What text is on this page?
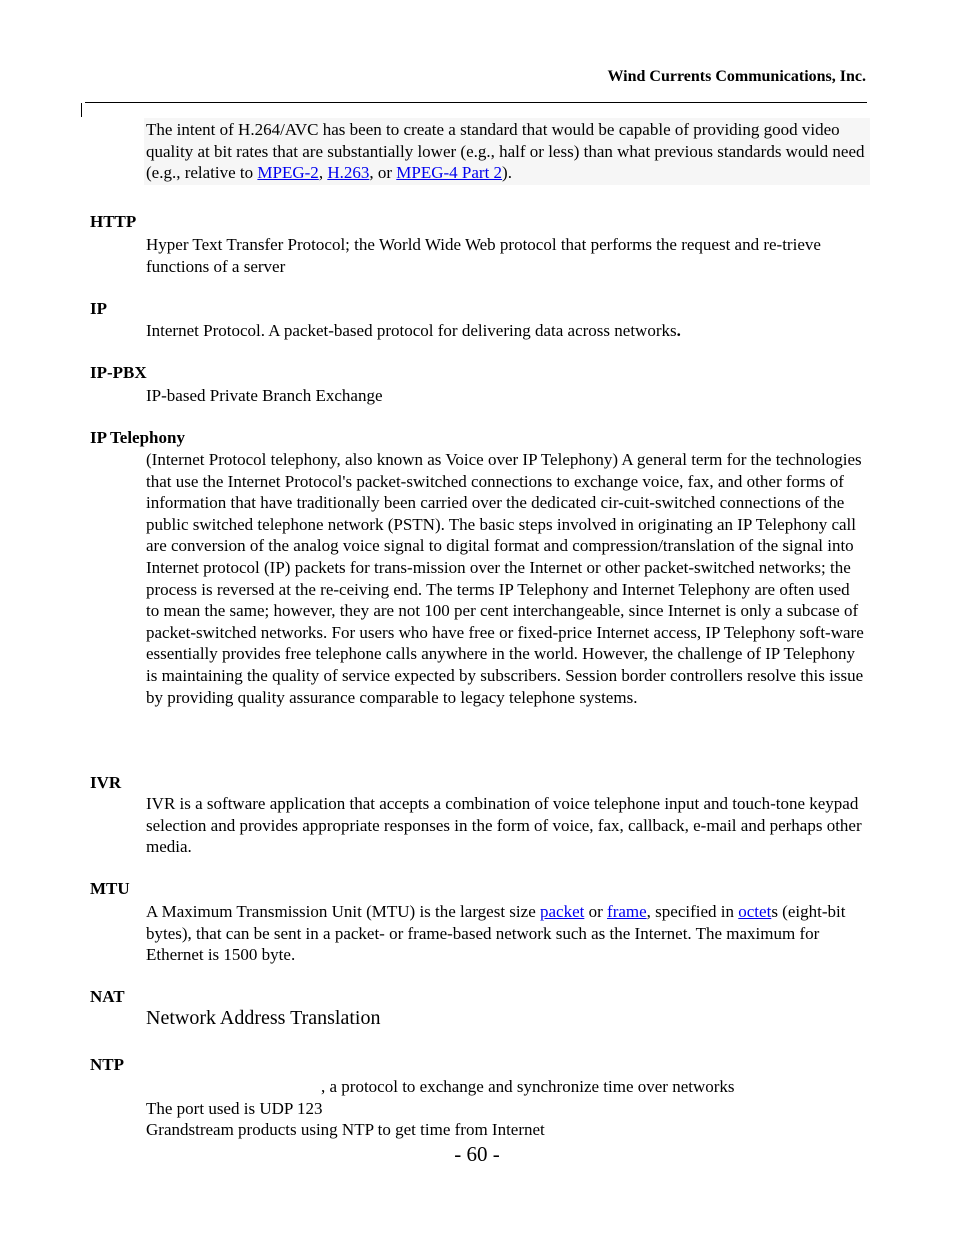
Wind Currents Communications, Inc.
The intent of H.264/AVC has been to create a standard that would be capable of providing good video quality at bit rates that are substantially lower (e.g., half or less) than what previous standards would need (e.g., relative to MPEG-2, H.263, or MPEG-4 Part 2).
HTTP
Hyper Text Transfer Protocol; the World Wide Web protocol that performs the request and re-trieve functions of a server
IP
Internet Protocol. A packet-based protocol for delivering data across networks.
IP-PBX
IP-based Private Branch Exchange
IP Telephony
(Internet Protocol telephony, also known as Voice over IP Telephony) A general term for the technologies that use the Internet Protocol's packet-switched connections to exchange voice, fax, and other forms of information that have traditionally been carried over the dedicated cir-cuit-switched connections of the public switched telephone network (PSTN). The basic steps involved in originating an IP Telephony call are conversion of the analog voice signal to digital format and compression/translation of the signal into Internet protocol (IP) packets for trans-mission over the Internet or other packet-switched networks; the process is reversed at the re-ceiving end. The terms IP Telephony and Internet Telephony are often used to mean the same; however, they are not 100 per cent interchangeable, since Internet is only a subcase of packet-switched networks. For users who have free or fixed-price Internet access, IP Telephony soft-ware essentially provides free telephone calls anywhere in the world. However, the challenge of IP Telephony is maintaining the quality of service expected by subscribers. Session border controllers resolve this issue by providing quality assurance comparable to legacy telephone systems.
IVR
IVR is a software application that accepts a combination of voice telephone input and touch-tone keypad selection and provides appropriate responses in the form of voice, fax, callback, e-mail and perhaps other media.
MTU
A Maximum Transmission Unit (MTU) is the largest size packet or frame, specified in octets (eight-bit bytes), that can be sent in a packet- or frame-based network such as the Internet. The maximum for Ethernet is 1500 byte.
NAT
Network Address Translation
NTP
, a protocol to exchange and synchronize time over networks
The port used is UDP 123
Grandstream products using NTP to get time from Internet
- 60 -
